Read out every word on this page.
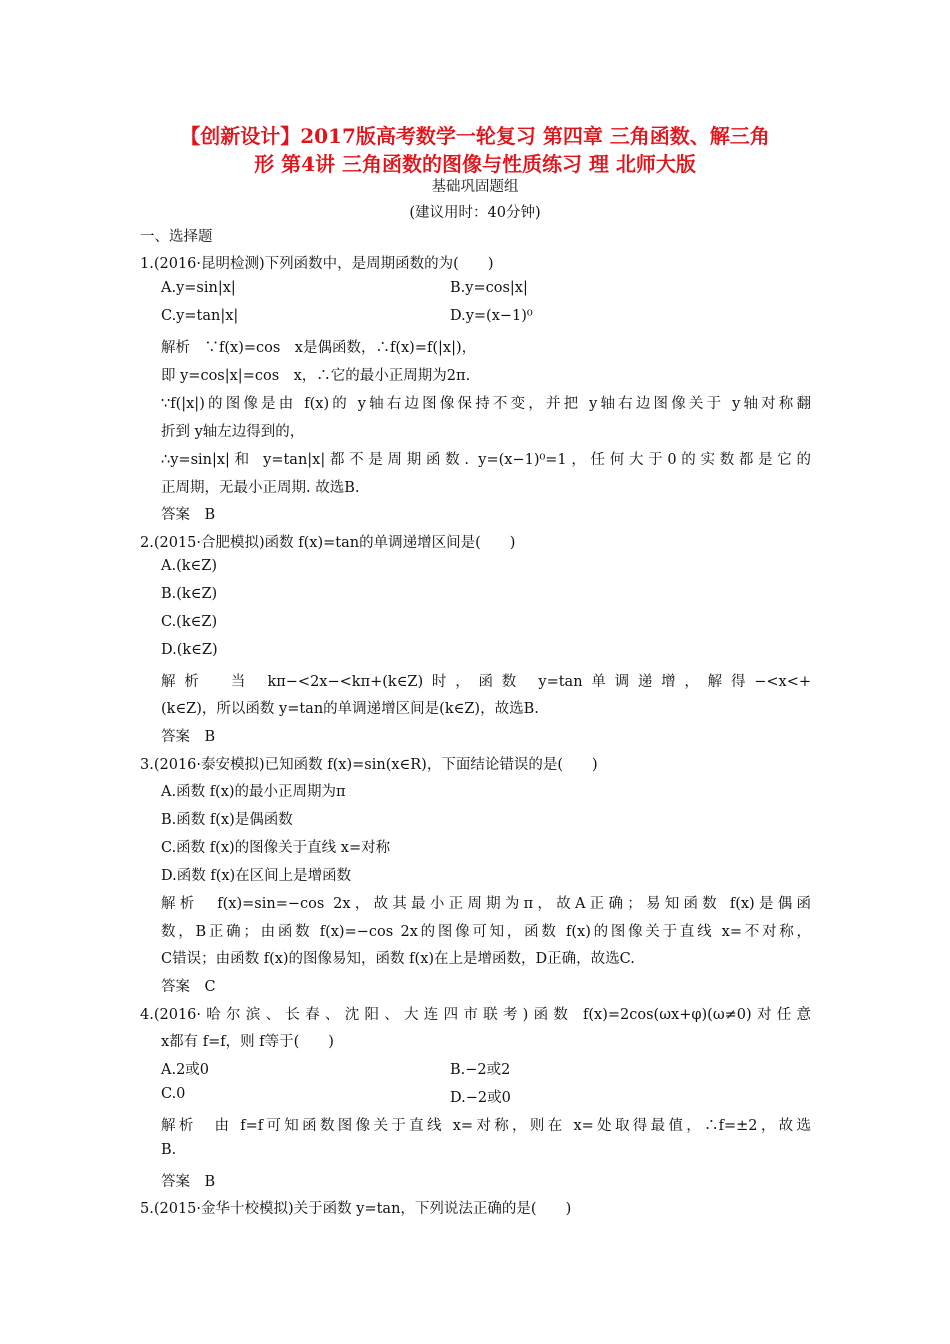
【创新设计】2017版高考数学一轮复习 第四章 三角函数、解三角
形 第4讲 三角函数的图像与性质练习 理 北师大版
基础巩固题组
(建议用时：40分钟)
一、选择题
1.(2016·昆明检测)下列函数中，是周期函数的为(　　)
A.y=sin|x|	B.y=cos|x|
C.y=tan|x|	D.y=(x−1)⁰
解析　∵f(x)=cos　x是偶函数，∴f(x)=f(|x|)，
即 y=cos|x|=cos　x，∴它的最小正周期为2π.
∵f(|x|)的图像是由 f(x)的 y轴右边图像保持不变，并把 y轴右边图像关于 y轴对称翻
折到 y轴左边得到的，
∴y=sin|x|和 y=tan|x|都不是周期函数. y=(x−1)⁰=1，任何大于0的实数都是它的
正周期，无最小正周期. 故选B.
答案　B
2.(2015·合肥模拟)函数 f(x)=tan的单调递增区间是(　　)
A.(k∈Z)
B.(k∈Z)
C.(k∈Z)
D.(k∈Z)
解析　当 kπ−<2x−<kπ+(k∈Z)时，函数 y=tan单调递增，解得−<x<+
(k∈Z)，所以函数 y=tan的单调递增区间是(k∈Z)，故选B.
答案　B
3.(2016·泰安模拟)已知函数 f(x)=sin(x∈R)，下面结论错误的是(　　)
A.函数 f(x)的最小正周期为π
B.函数 f(x)是偶函数
C.函数 f(x)的图像关于直线 x=对称
D.函数 f(x)在区间上是增函数
解析　f(x)=sin=−cos 2x，故其最小正周期为π，故A正确；易知函数 f(x)是偶函
数，B正确；由函数 f(x)=−cos 2x的图像可知，函数 f(x)的图像关于直线 x=不对称，
C错误；由函数 f(x)的图像易知，函数 f(x)在上是增函数，D正确，故选C.
答案　C
4.(2016·哈尔滨、长春、沈阳、大连四市联考)函数 f(x)=2cos(ωx+φ)(ω≠0)对任意
x都有 f=f，则 f等于(　　)
A.2或0	B.−2或2
C.0	D.−2或0
解析　由 f=f可知函数图像关于直线 x=对称，则在 x=处取得最值，∴f=±2，故选
B.
答案　B
5.(2015·金华十校模拟)关于函数 y=tan，下列说法正确的是(　　)
